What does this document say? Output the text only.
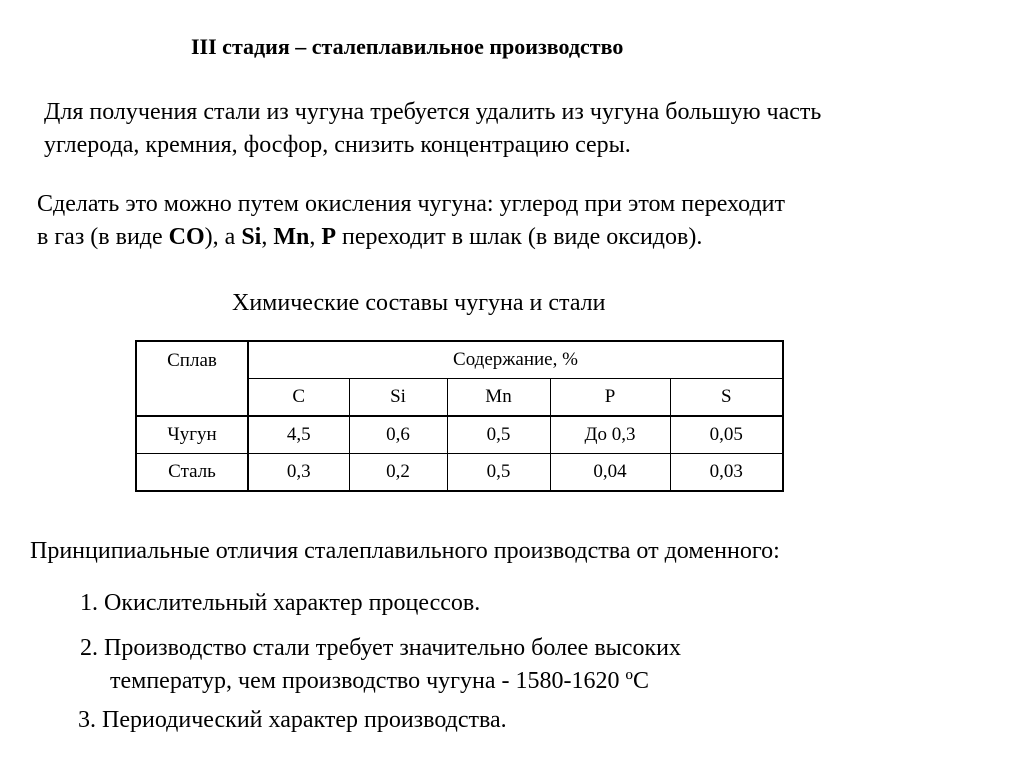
III стадия – сталеплавильное производство
Для получения стали из чугуна требуется удалить из чугуна большую часть
углерода, кремния, фосфор, снизить концентрацию серы.
Сделать это можно путем окисления чугуна: углерод при этом переходит
в газ (в виде CO), а Si, Mn, P переходит в шлак (в виде оксидов).
Химические составы чугуна и стали
Сплав	Содержание, %				
	C	Si	Mn	P	S
Чугун	4,5	0,6	0,5	До 0,3	0,05
Сталь	0,3	0,2	0,5	0,04	0,03
Принципиальные отличия сталеплавильного производства от доменного:
1. Окислительный характер процессов.
2. Производство стали требует значительно более высоких
температур, чем производство чугуна - 1580-1620 ºC
3. Периодический характер производства.
